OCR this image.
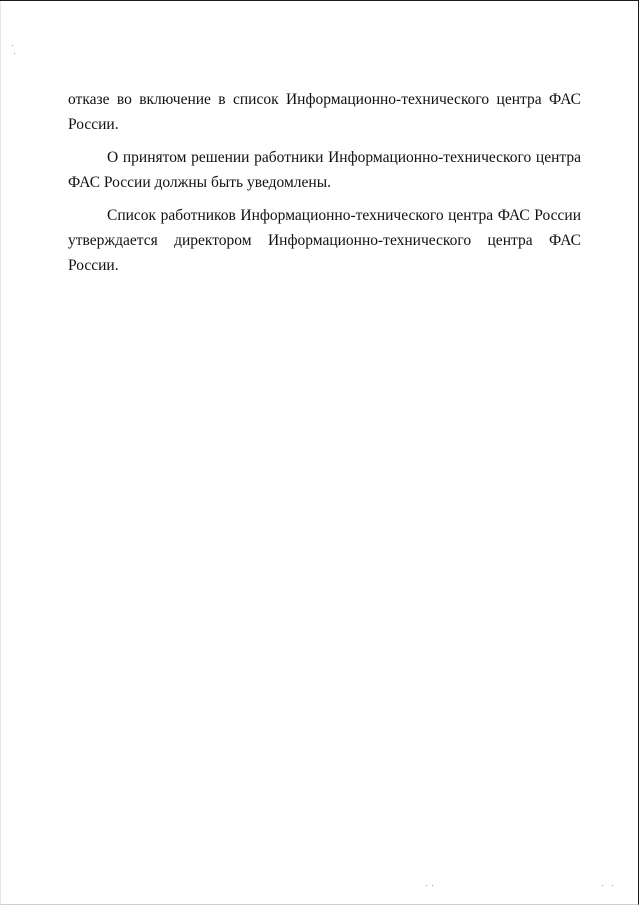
отказе во включение в список Информационно-технического центра ФАС России.

О принятом решении работники Информационно-технического центра ФАС России должны быть уведомлены.

Список работников Информационно-технического центра ФАС России утверждается директором Информационно-технического центра ФАС России.
